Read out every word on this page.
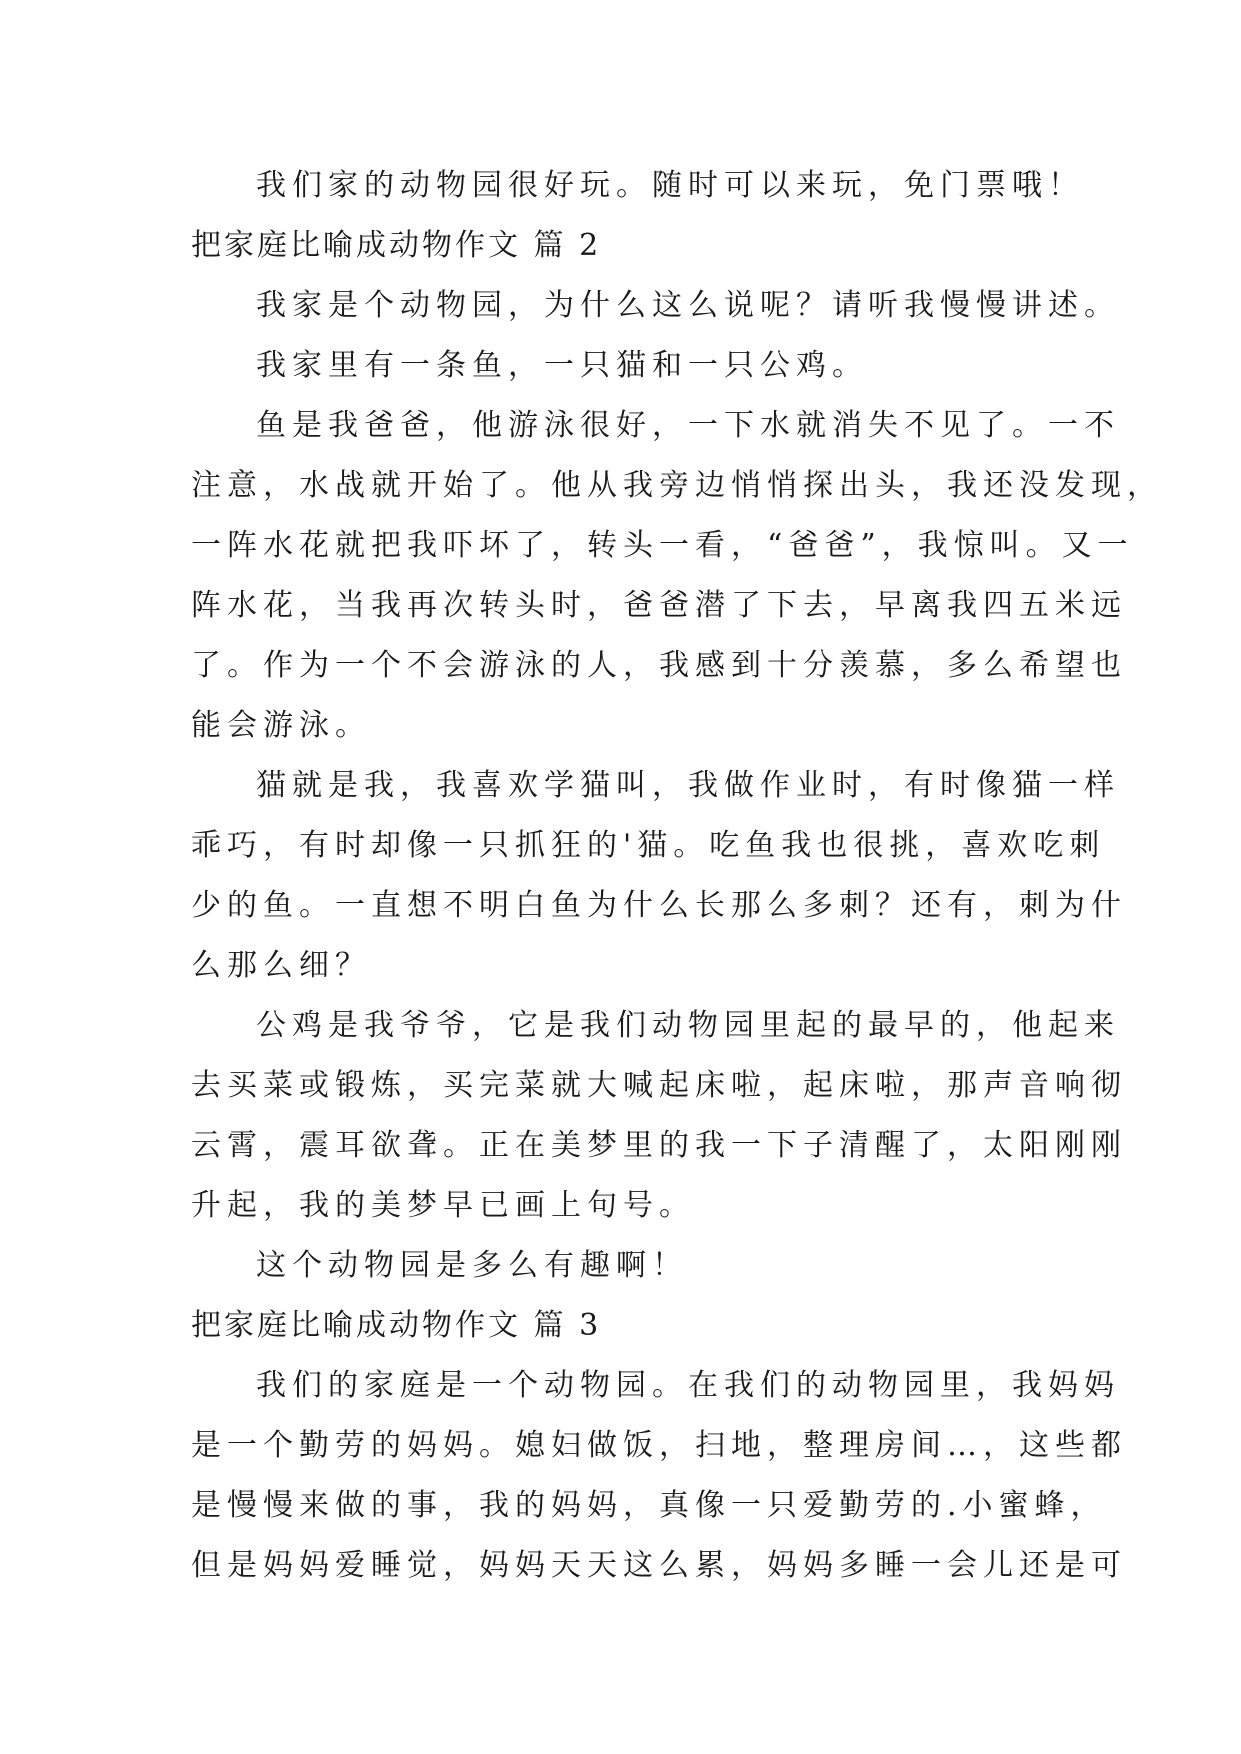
我们家的动物园很好玩。随时可以来玩，免门票哦！
把家庭比喻成动物作文 篇 2
我家是个动物园，为什么这么说呢？请听我慢慢讲述。
我家里有一条鱼，一只猫和一只公鸡。
鱼是我爸爸，他游泳很好，一下水就消失不见了。一不
注意，水战就开始了。他从我旁边悄悄探出头，我还没发现，
一阵水花就把我吓坏了，转头一看，“爸爸”，我惊叫。又一
阵水花，当我再次转头时，爸爸潜了下去，早离我四五米远
了。作为一个不会游泳的人，我感到十分羡慕，多么希望也
能会游泳。
猫就是我，我喜欢学猫叫，我做作业时，有时像猫一样
乖巧，有时却像一只抓狂的'猫。吃鱼我也很挑，喜欢吃刺
少的鱼。一直想不明白鱼为什么长那么多刺？还有，刺为什
么那么细？
公鸡是我爷爷，它是我们动物园里起的最早的，他起来
去买菜或锻炼，买完菜就大喊起床啦，起床啦，那声音响彻
云霄，震耳欲聋。正在美梦里的我一下子清醒了，太阳刚刚
升起，我的美梦早已画上句号。
这个动物园是多么有趣啊！
把家庭比喻成动物作文 篇 3
我们的家庭是一个动物园。在我们的动物园里，我妈妈
是一个勤劳的妈妈。媳妇做饭，扫地，整理房间…，这些都
是慢慢来做的事，我的妈妈，真像一只爱勤劳的.小蜜蜂，
但是妈妈爱睡觉，妈妈天天这么累，妈妈多睡一会儿还是可
